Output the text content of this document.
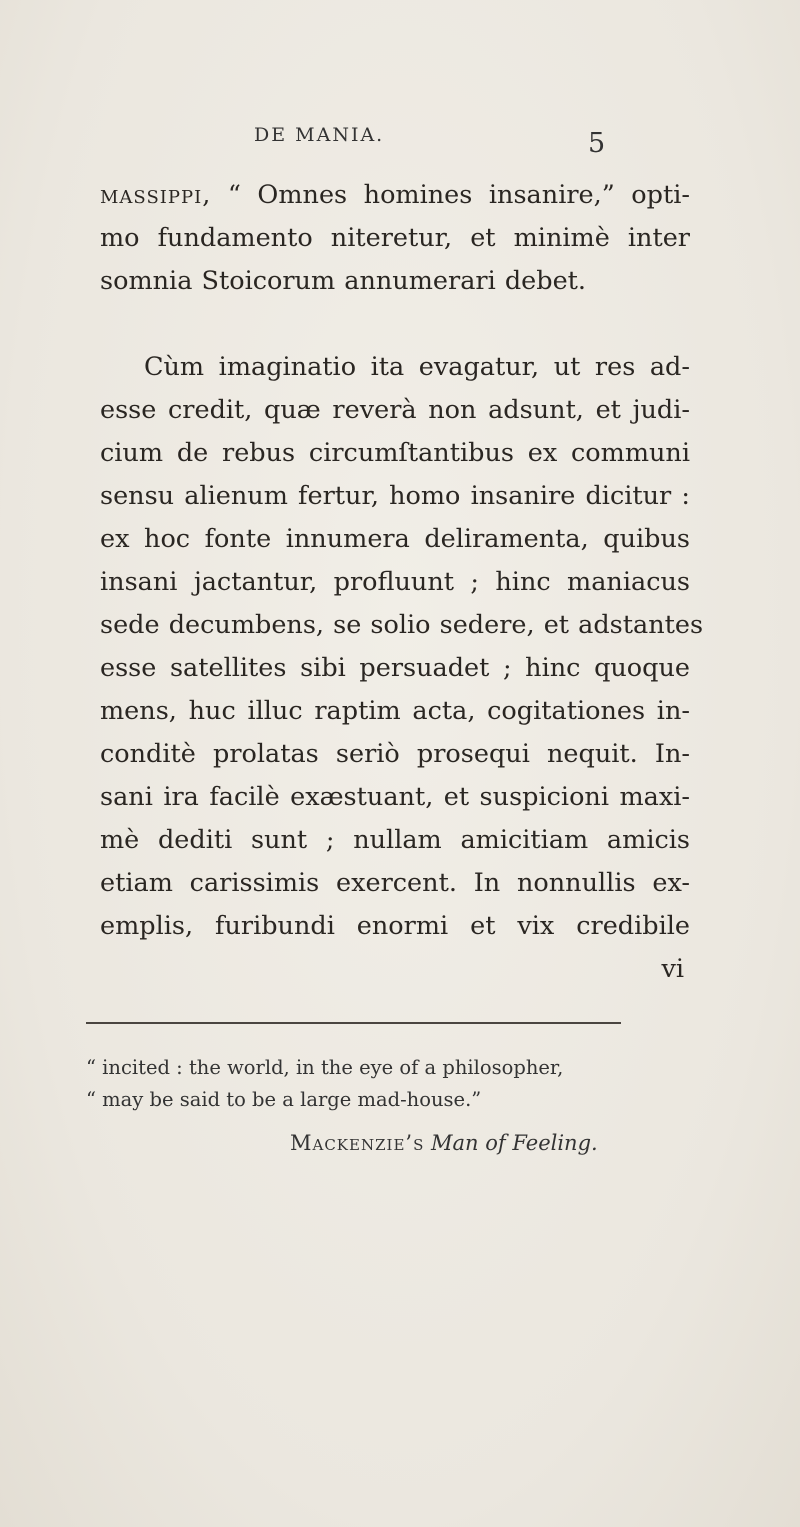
DE MANIA.	5
massippi, “ Omnes homines insanire,” opti-
mo fundamento niteretur, et minimè inter
somnia Stoicorum annumerari debet.
Cùm imaginatio ita evagatur, ut res ad-
esse credit, quæ reverà non adsunt, et judi-
cium de rebus circumſtantibus ex communi
sensu alienum fertur, homo insanire dicitur :
ex hoc fonte innumera deliramenta, quibus
insani jactantur, profluunt ; hinc maniacus
sede decumbens, se solio sedere, et adstantes
esse satellites sibi persuadet ; hinc quoque
mens, huc illuc raptim acta, cogitationes in-
conditè prolatas seriò prosequi nequit. In-
sani ira facilè exæstuant, et suspicioni maxi-
mè dediti sunt ; nullam amicitiam amicis
etiam carissimis exercent. In nonnullis ex-
emplis, furibundi enormi et vix credibile
vi
“ incited : the world, in the eye of a philosopher,
“ may be said to be a large mad-house.”
Mackenzie’s Man of Feeling.
